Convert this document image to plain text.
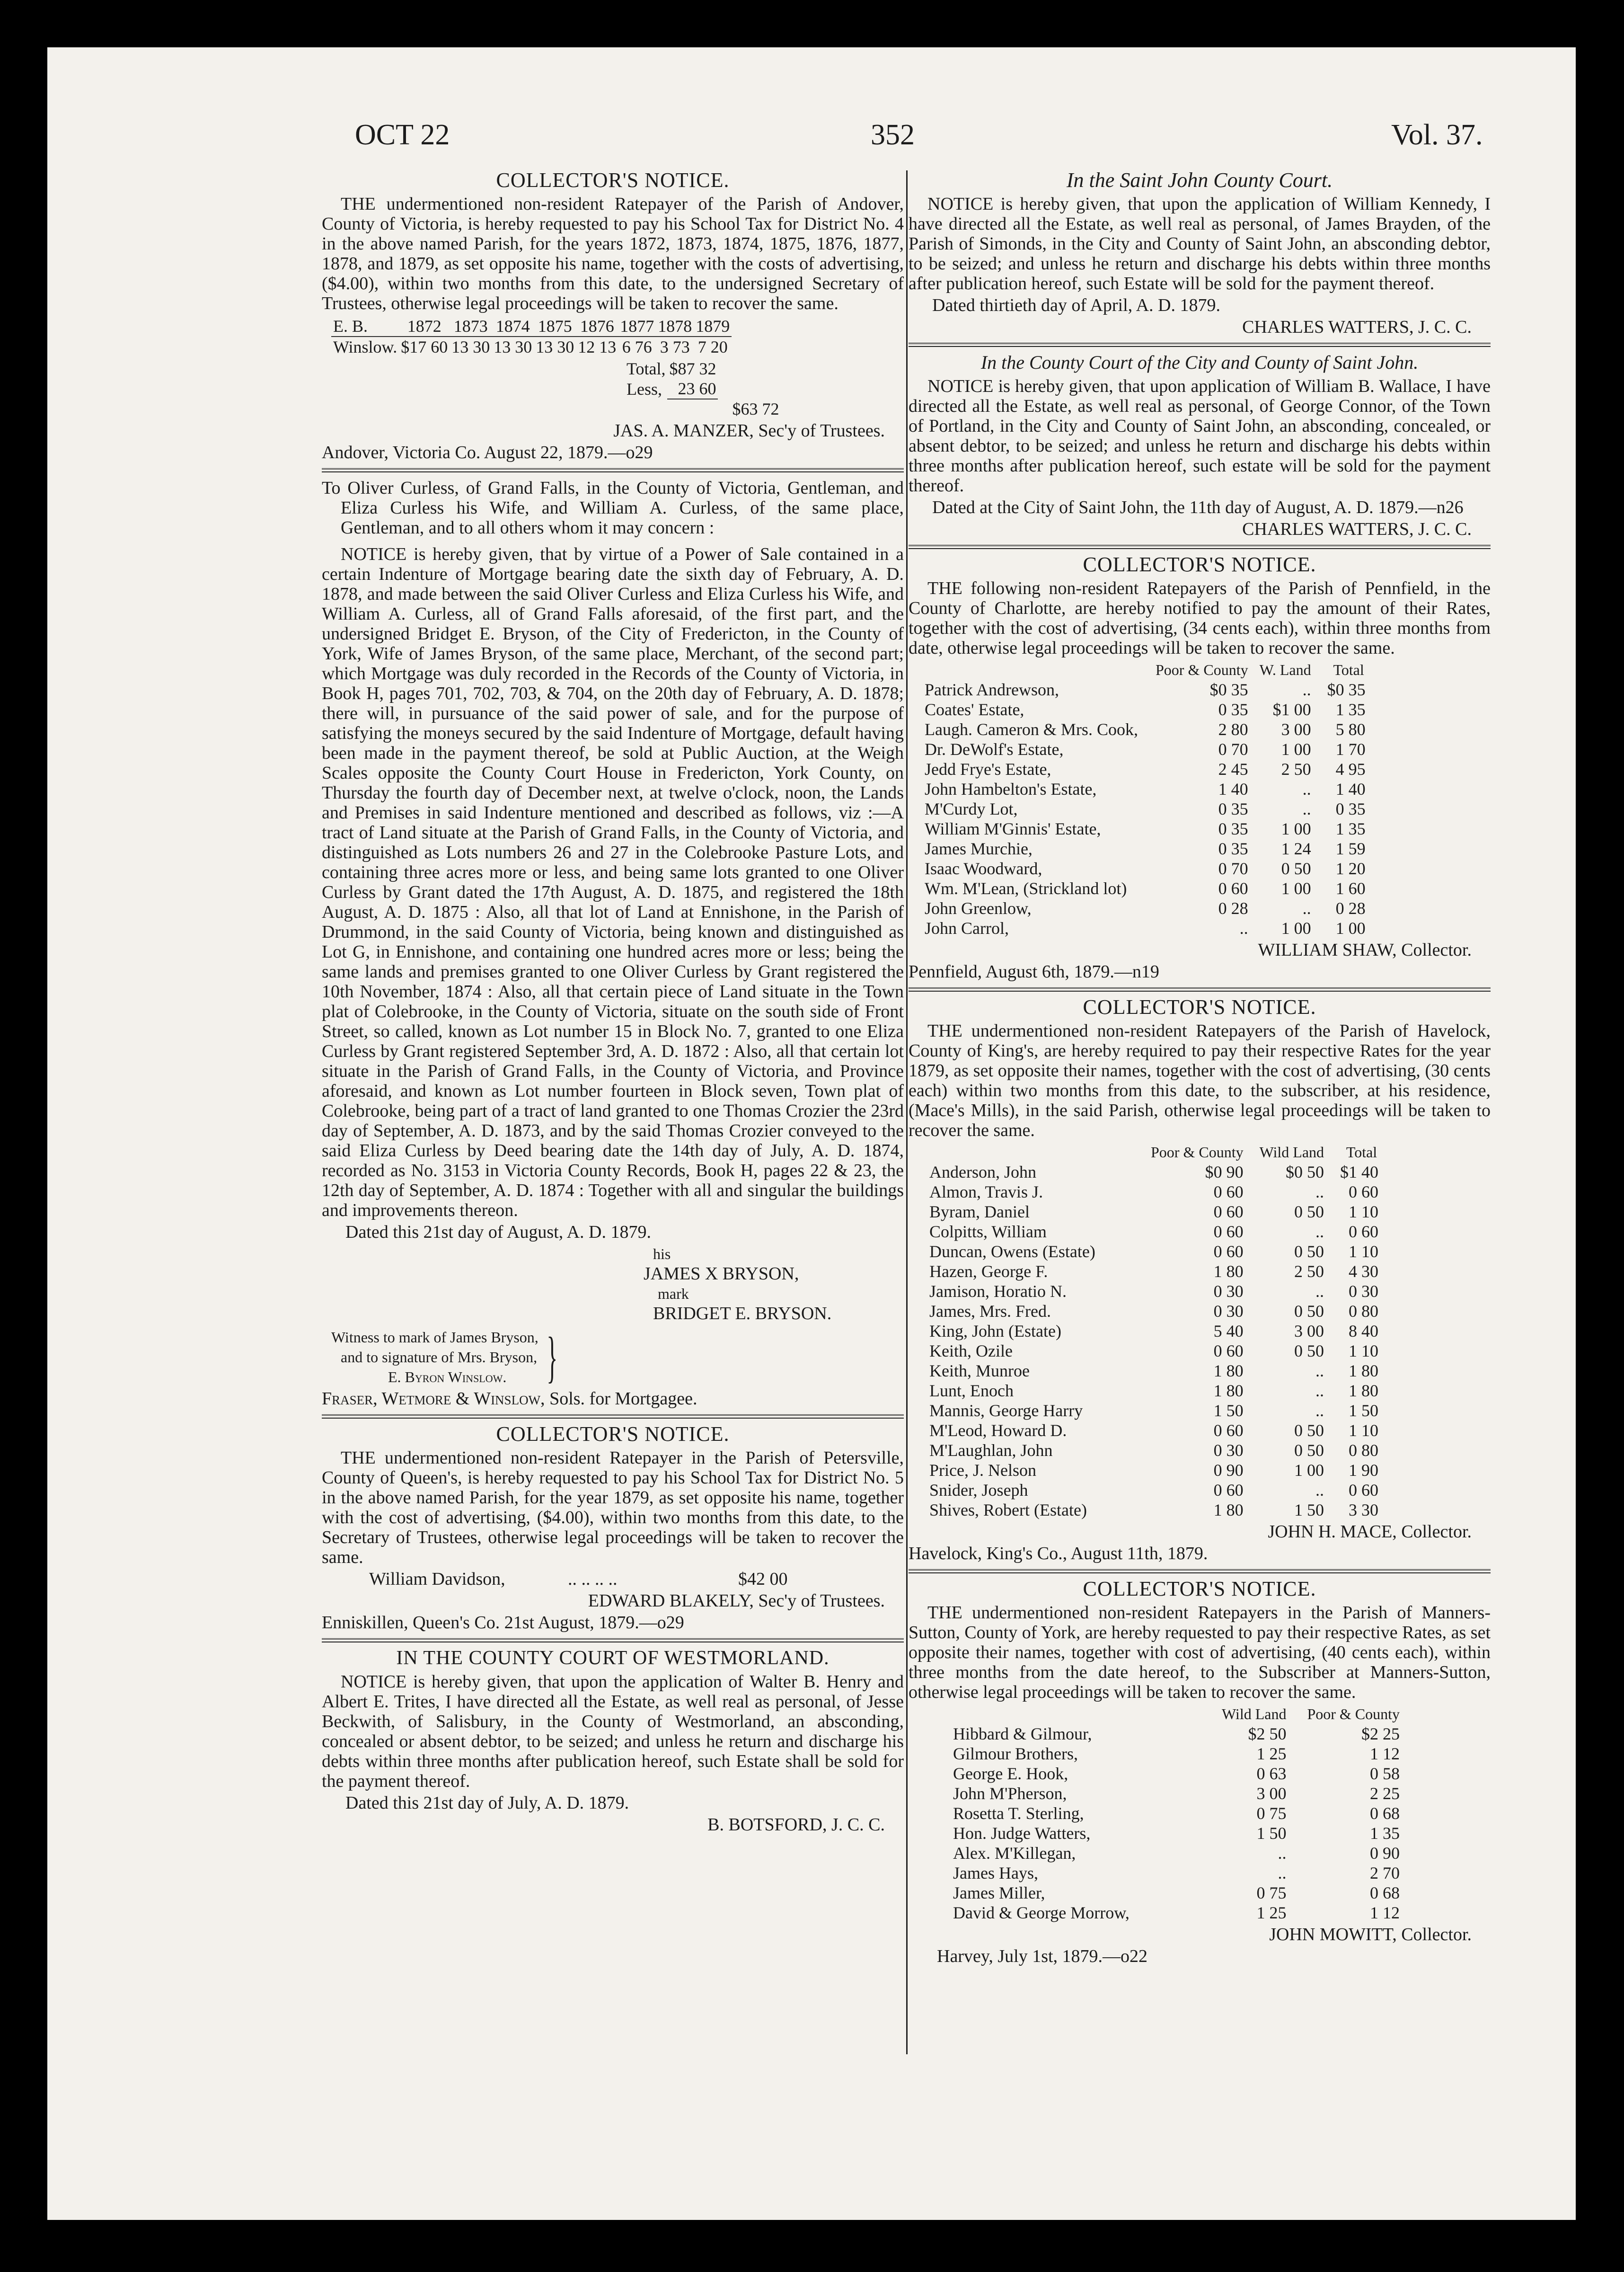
OCT 22	352	Vol. 37.
COLLECTOR'S NOTICE.

THE undermentioned non-resident Ratepayer of the Parish of Andover, County of Victoria, is hereby requested to pay his School Tax for District No. 4 in the above named Parish, for the years 1872, 1873, 1874, 1875, 1876, 1877, 1878, and 1879, as set opposite his name, together with the costs of advertising, ($4.00), within two months from this date, to the undersigned Secretary of Trustees, otherwise legal proceedings will be taken to recover the same.

E. B.	1872	1873	1874	1875	1876	1877	1878	1879
Winslow.	$17 60	13 30	13 30	13 30	12 13	6 76	3 73	7 20
Total,	$87 32	
Less,	23 60	
		$63 72

JAS. A. MANZER, Sec'y of Trustees.

Andover, Victoria Co. August 22, 1879.—o29

To Oliver Curless, of Grand Falls, in the County of Victoria, Gentleman, and Eliza Curless his Wife, and William A. Curless, of the same place, Gentleman, and to all others whom it may concern :

NOTICE is hereby given, that by virtue of a Power of Sale contained in a certain Indenture of Mortgage bearing date the sixth day of February, A. D. 1878, and made between the said Oliver Curless and Eliza Curless his Wife, and William A. Curless, all of Grand Falls aforesaid, of the first part, and the undersigned Bridget E. Bryson, of the City of Fredericton, in the County of York, Wife of James Bryson, of the same place, Merchant, of the second part; which Mortgage was duly recorded in the Records of the County of Victoria, in Book H, pages 701, 702, 703, & 704, on the 20th day of February, A. D. 1878; there will, in pursuance of the said power of sale, and for the purpose of satisfying the moneys secured by the said Indenture of Mortgage, default having been made in the payment thereof, be sold at Public Auction, at the Weigh Scales opposite the County Court House in Fredericton, York County, on Thursday the fourth day of December next, at twelve o'clock, noon, the Lands and Premises in said Indenture mentioned and described as follows, viz :—A tract of Land situate at the Parish of Grand Falls, in the County of Victoria, and distinguished as Lots numbers 26 and 27 in the Colebrooke Pasture Lots, and containing three acres more or less, and being same lots granted to one Oliver Curless by Grant dated the 17th August, A. D. 1875, and registered the 18th August, A. D. 1875 : Also, all that lot of Land at Ennishone, in the Parish of Drummond, in the said County of Victoria, being known and distinguished as Lot G, in Ennishone, and containing one hundred acres more or less; being the same lands and premises granted to one Oliver Curless by Grant registered the 10th November, 1874 : Also, all that certain piece of Land situate in the Town plat of Colebrooke, in the County of Victoria, situate on the south side of Front Street, so called, known as Lot number 15 in Block No. 7, granted to one Eliza Curless by Grant registered September 3rd, A. D. 1872 : Also, all that certain lot situate in the Parish of Grand Falls, in the County of Victoria, and Province aforesaid, and known as Lot number fourteen in Block seven, Town plat of Colebrooke, being part of a tract of land granted to one Thomas Crozier the 23rd day of September, A. D. 1873, and by the said Thomas Crozier conveyed to the said Eliza Curless by Deed bearing date the 14th day of July, A. D. 1874, recorded as No. 3153 in Victoria County Records, Book H, pages 22 & 23, the 12th day of September, A. D. 1874 : Together with all and singular the buildings and improvements thereon.

Dated this 21st day of August, A. D. 1879.

his
JAMES X BRYSON,
mark
BRIDGET E. BRYSON.
Witness to mark of James Bryson,
and to signature of Mrs. Bryson,
E. Byron Winslow. }

Fraser, Wetmore & Winslow, Sols. for Mortgagee.

COLLECTOR'S NOTICE.

THE undermentioned non-resident Ratepayer in the Parish of Petersville, County of Queen's, is hereby requested to pay his School Tax for District No. 5 in the above named Parish, for the year 1879, as set opposite his name, together with the cost of advertising, ($4.00), within two months from this date, to the Secretary of Trustees, otherwise legal proceedings will be taken to recover the same.

William Davidson,	.. .. .. ..	$42 00

EDWARD BLAKELY, Sec'y of Trustees.

Enniskillen, Queen's Co. 21st August, 1879.—o29

IN THE COUNTY COURT OF WESTMORLAND.

NOTICE is hereby given, that upon the application of Walter B. Henry and Albert E. Trites, I have directed all the Estate, as well real as personal, of Jesse Beckwith, of Salisbury, in the County of Westmorland, an absconding, concealed or absent debtor, to be seized; and unless he return and discharge his debts within three months after publication hereof, such Estate shall be sold for the payment thereof.

Dated this 21st day of July, A. D. 1879.

B. BOTSFORD, J. C. C.

In the Saint John County Court.

NOTICE is hereby given, that upon the application of William Kennedy, I have directed all the Estate, as well real as personal, of James Brayden, of the Parish of Simonds, in the City and County of Saint John, an absconding debtor, to be seized; and unless he return and discharge his debts within three months after publication hereof, such Estate will be sold for the payment thereof.

Dated thirtieth day of April, A. D. 1879.

CHARLES WATTERS, J. C. C.

In the County Court of the City and County of Saint John.

NOTICE is hereby given, that upon application of William B. Wallace, I have directed all the Estate, as well real as personal, of George Connor, of the Town of Portland, in the City and County of Saint John, an absconding, concealed, or absent debtor, to be seized; and unless he return and discharge his debts within three months after publication hereof, such estate will be sold for the payment thereof.

Dated at the City of Saint John, the 11th day of August, A. D. 1879.—n26

CHARLES WATTERS, J. C. C.

COLLECTOR'S NOTICE.

THE following non-resident Ratepayers of the Parish of Pennfield, in the County of Charlotte, are hereby notified to pay the amount of their Rates, together with the cost of advertising, (34 cents each), within three months from date, otherwise legal proceedings will be taken to recover the same.

	Poor & County	W. Land	Total
Patrick Andrewson,	$0 35	..	$0 35
Coates' Estate,	0 35	$1 00	1 35
Laugh. Cameron & Mrs. Cook,	2 80	3 00	5 80
Dr. DeWolf's Estate,	0 70	1 00	1 70
Jedd Frye's Estate,	2 45	2 50	4 95
John Hambelton's Estate,	1 40	..	1 40
M'Curdy Lot,	0 35	..	0 35
William M'Ginnis' Estate,	0 35	1 00	1 35
James Murchie,	0 35	1 24	1 59
Isaac Woodward,	0 70	0 50	1 20
Wm. M'Lean, (Strickland lot)	0 60	1 00	1 60
John Greenlow,	0 28	..	0 28
John Carrol,	..	1 00	1 00

WILLIAM SHAW, Collector.

Pennfield, August 6th, 1879.—n19

COLLECTOR'S NOTICE.

THE undermentioned non-resident Ratepayers of the Parish of Havelock, County of King's, are hereby required to pay their respective Rates for the year 1879, as set opposite their names, together with the cost of advertising, (30 cents each) within two months from this date, to the subscriber, at his residence, (Mace's Mills), in the said Parish, otherwise legal proceedings will be taken to recover the same.

	Poor & County	Wild Land	Total
Anderson, John	$0 90	$0 50	$1 40
Almon, Travis J.	0 60	..	0 60
Byram, Daniel	0 60	0 50	1 10
Colpitts, William	0 60	..	0 60
Duncan, Owens (Estate)	0 60	0 50	1 10
Hazen, George F.	1 80	2 50	4 30
Jamison, Horatio N.	0 30	..	0 30
James, Mrs. Fred.	0 30	0 50	0 80
King, John (Estate)	5 40	3 00	8 40
Keith, Ozile	0 60	0 50	1 10
Keith, Munroe	1 80	..	1 80
Lunt, Enoch	1 80	..	1 80
Mannis, George Harry	1 50	..	1 50
M'Leod, Howard D.	0 60	0 50	1 10
M'Laughlan, John	0 30	0 50	0 80
Price, J. Nelson	0 90	1 00	1 90
Snider, Joseph	0 60	..	0 60
Shives, Robert (Estate)	1 80	1 50	3 30

JOHN H. MACE, Collector.

Havelock, King's Co., August 11th, 1879.

COLLECTOR'S NOTICE.

THE undermentioned non-resident Ratepayers in the Parish of Manners-Sutton, County of York, are hereby requested to pay their respective Rates, as set opposite their names, together with cost of advertising, (40 cents each), within three months from the date hereof, to the Subscriber at Manners-Sutton, otherwise legal proceedings will be taken to recover the same.

	Wild Land	Poor & County
Hibbard & Gilmour,	$2 50	$2 25
Gilmour Brothers,	1 25	1 12
George E. Hook,	0 63	0 58
John M'Pherson,	3 00	2 25
Rosetta T. Sterling,	0 75	0 68
Hon. Judge Watters,	1 50	1 35
Alex. M'Killegan,	..	0 90
James Hays,	..	2 70
James Miller,	0 75	0 68
David & George Morrow,	1 25	1 12

JOHN MOWITT, Collector.

Harvey, July 1st, 1879.—o22
